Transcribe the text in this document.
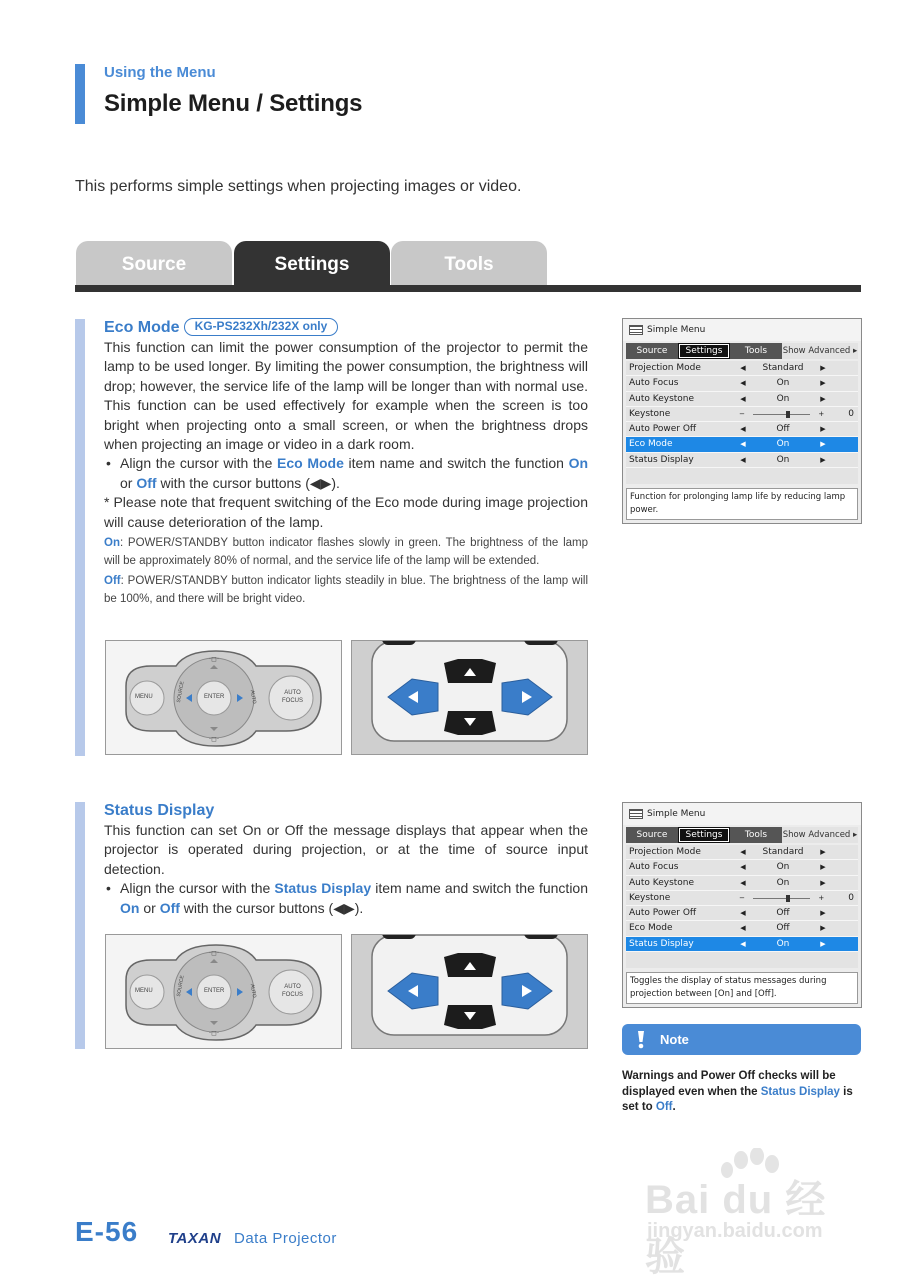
Using the Menu
Simple Menu / Settings
This performs simple settings when projecting images or video.
Source	Settings	Tools
Eco Mode KG-PS232Xh/232X only

This function can limit the power consumption of the projector to permit the lamp to be used longer. By limiting the power consumption, the brightness will drop; however, the service life of the lamp will be longer than with normal use. This function can be used effectively for example when the screen is too bright when projecting onto a small screen, or when the brightness drops when projecting an image or video in a dark room.

• Align the cursor with the Eco Mode item name and switch the function On or Off with the cursor buttons (◀▶).

* Please note that frequent switching of the Eco mode during image projection will cause deterioration of the lamp.

On: POWER/STANDBY button indicator flashes slowly in green. The brightness of the lamp will be approximately 80% of normal, and the service life of the lamp will be extended.

Off: POWER/STANDBY button indicator lights steadily in blue. The brightness of the lamp will be 100%, and there will be bright video.

·◻·
·◻·
MENU	ENTER
SOURCE	AUTO	AUTO
FOCUS
Simple Menu
Source	Settings	Tools	Show Advanced ▸
Projection Mode	◀	Standard	▶
Auto Focus	◀	On	▶
Auto Keystone	◀	On	▶
Keystone	−	+	0
Auto Power Off	◀	Off	▶
Eco Mode	◀	On	▶
Status Display	◀	On	▶
Function for prolonging lamp life by reducing lamp power.
Status Display

This function can set On or Off the message displays that appear when the projector is operated during projection, or at the time of source input detection.

• Align the cursor with the Status Display item name and switch the function On or Off with the cursor buttons (◀▶).

·◻·
·◻·
MENU	ENTER
SOURCE	AUTO	AUTO
FOCUS
Simple Menu
Source	Settings	Tools	Show Advanced ▸
Projection Mode	◀	Standard	▶
Auto Focus	◀	On	▶
Auto Keystone	◀	On	▶
Keystone	−	+	0
Auto Power Off	◀	Off	▶
Eco Mode	◀	Off	▶
Status Display	◀	On	▶
Toggles the display of status messages during projection between [On] and [Off].
Note
Warnings and Power Off checks will be displayed even when the Status Display is set to Off.
Bai du 经验
jingyan.baidu.com
E-56 TAXAN Data Projector
